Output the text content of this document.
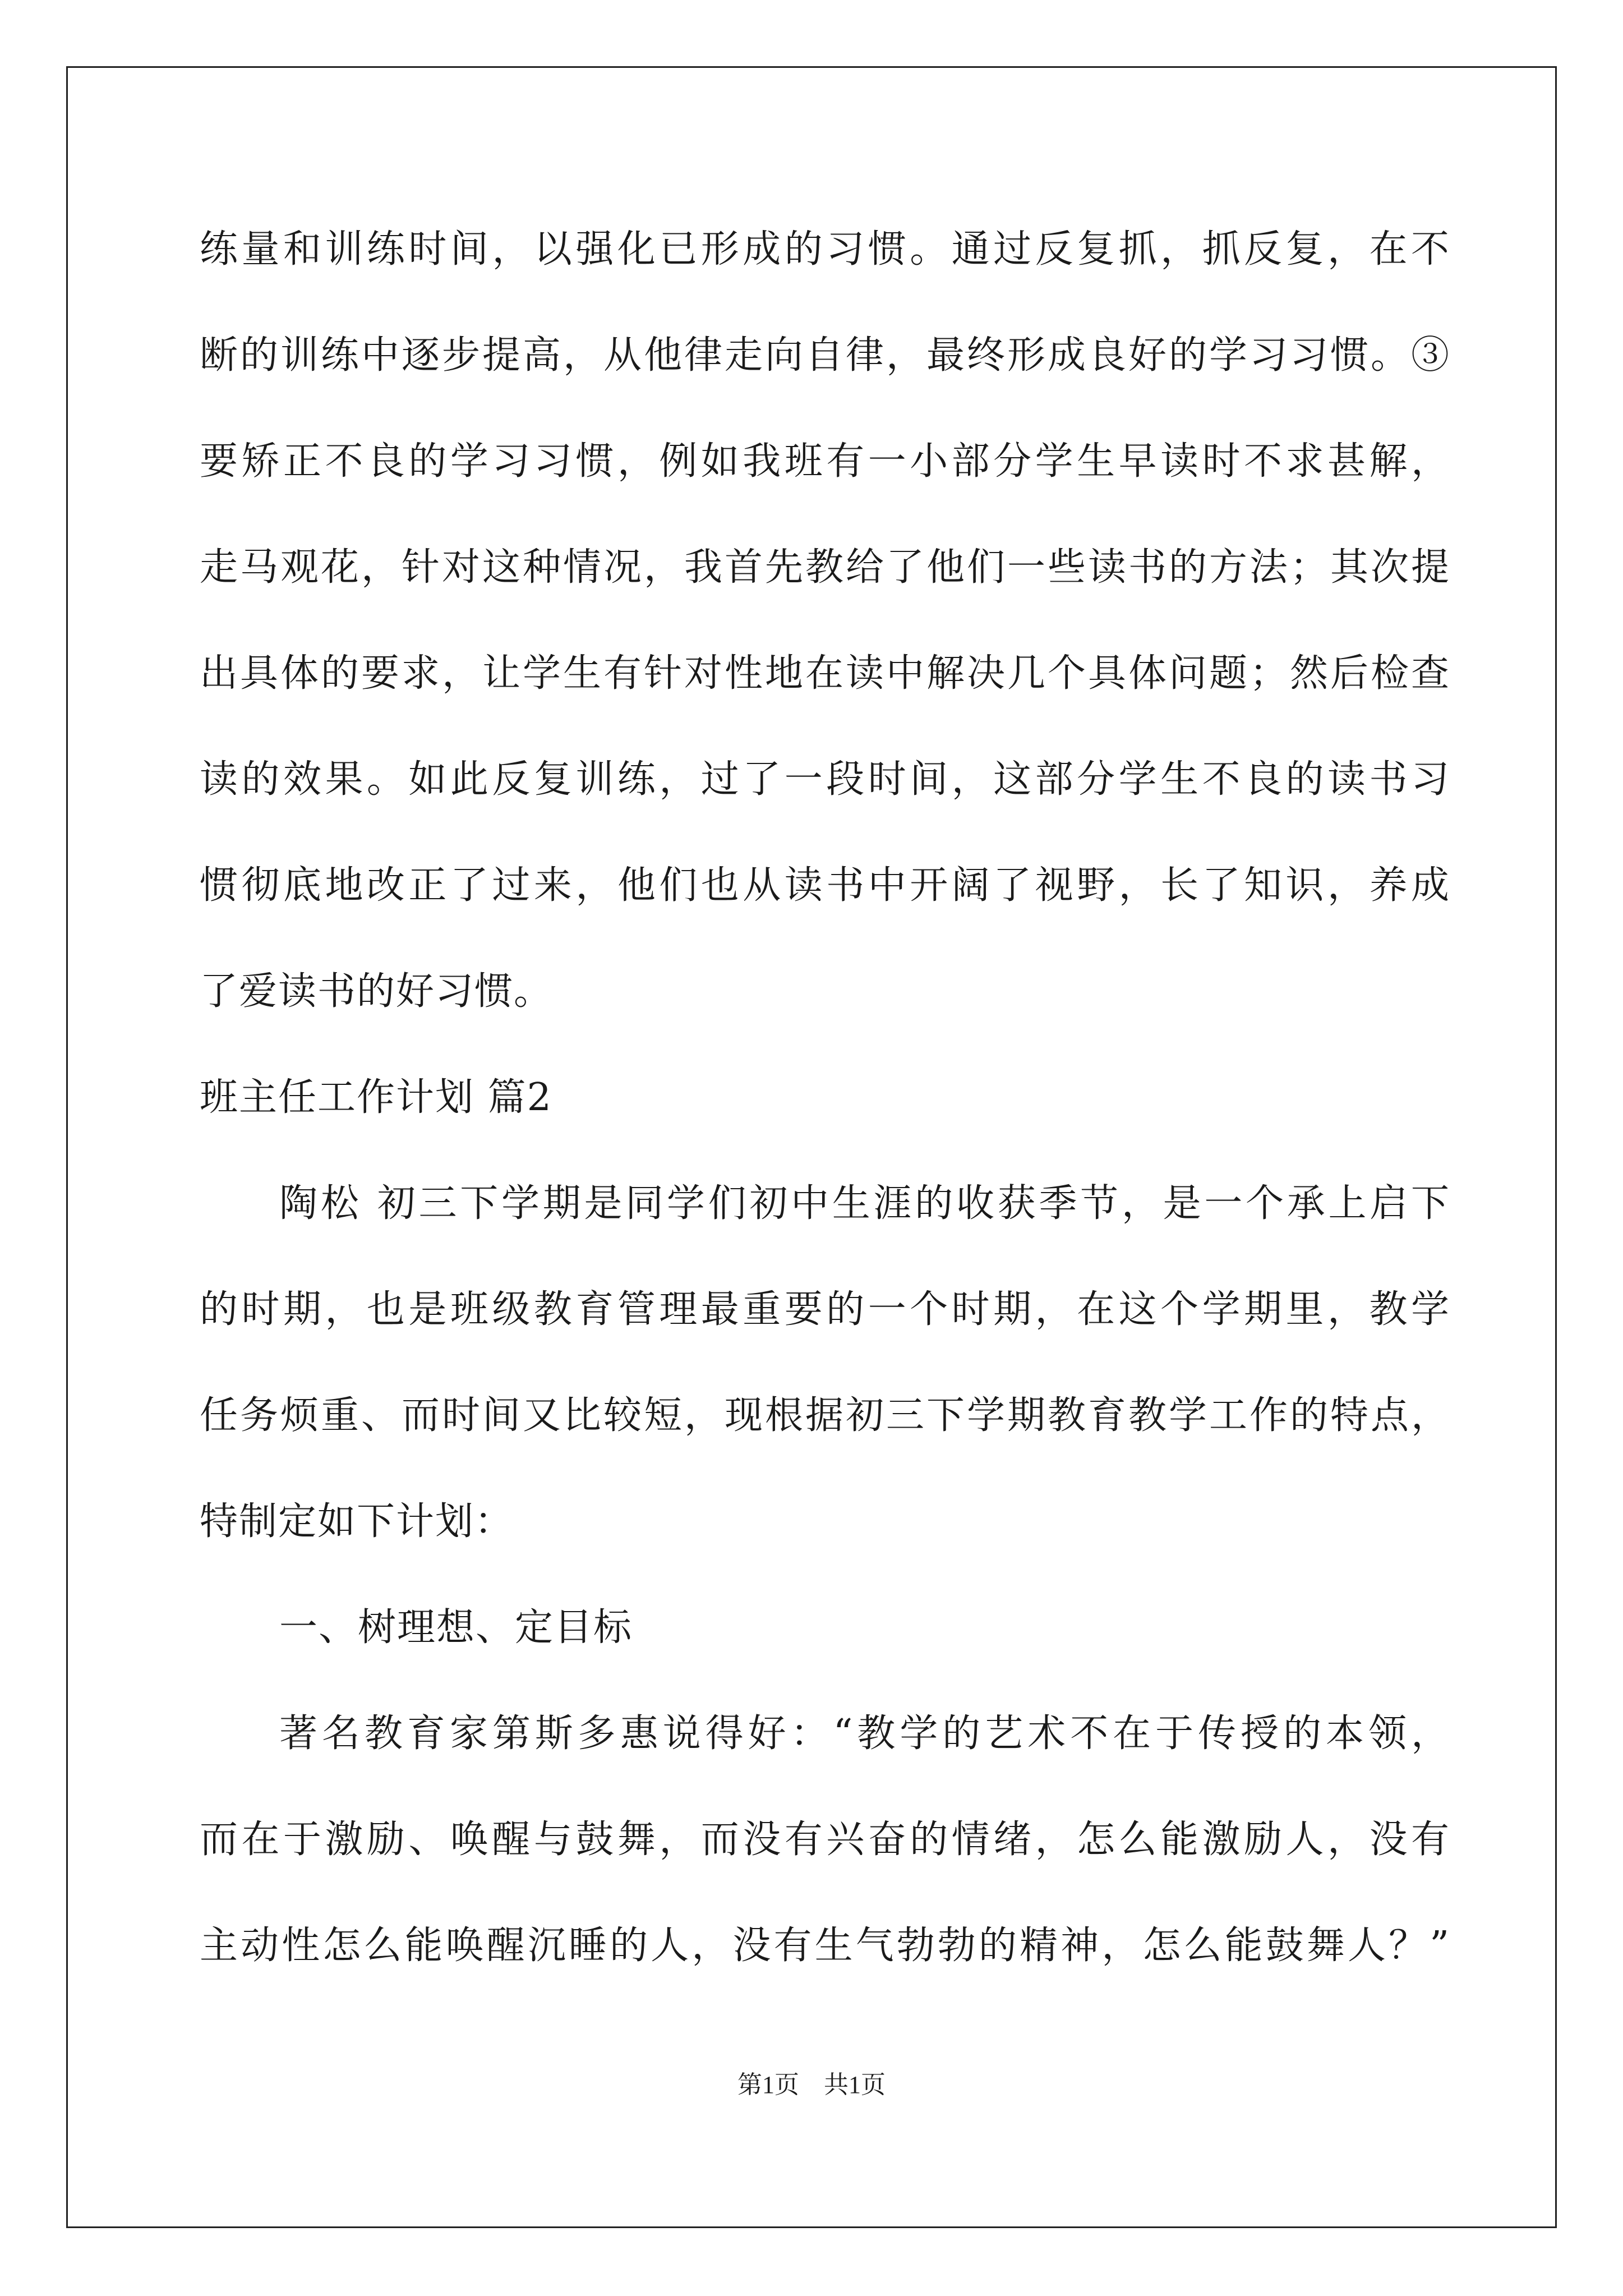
练量和训练时间，以强化已形成的习惯。通过反复抓，抓反复，在不
断的训练中逐步提高，从他律走向自律，最终形成良好的学习习惯。③
要矫正不良的学习习惯，例如我班有一小部分学生早读时不求甚解，
走马观花，针对这种情况，我首先教给了他们一些读书的方法；其次提
出具体的要求，让学生有针对性地在读中解决几个具体问题；然后检查
读的效果。如此反复训练，过了一段时间，这部分学生不良的读书习
惯彻底地改正了过来，他们也从读书中开阔了视野，长了知识，养成
了爱读书的好习惯。
班主任工作计划 篇2
陶松 初三下学期是同学们初中生涯的收获季节，是一个承上启下
的时期，也是班级教育管理最重要的一个时期，在这个学期里，教学
任务烦重、而时间又比较短，现根据初三下学期教育教学工作的特点，
特制定如下计划：
一、树理想、定目标
著名教育家第斯多惠说得好：“教学的艺术不在于传授的本领，
而在于激励、唤醒与鼓舞，而没有兴奋的情绪，怎么能激励人，没有
主动性怎么能唤醒沉睡的人，没有生气勃勃的精神，怎么能鼓舞人？”
第1页 共1页
